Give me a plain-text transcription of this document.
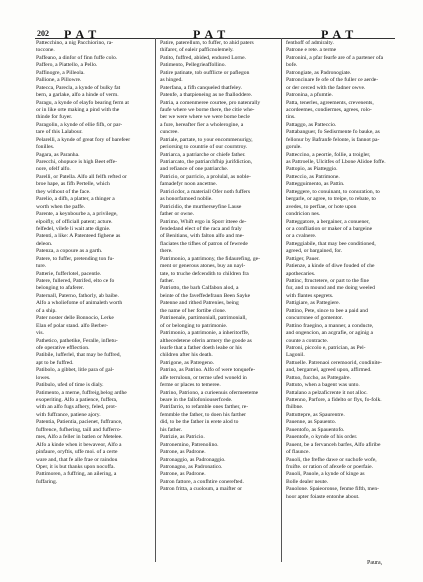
202 PAT	PAT	PAT

Pattecchino, a nig Pacchiorino, ra-

toccone.

Paffeano, a dinfor of finn fuffe colo.

Paffero, a Piattello, a Pello.

Paffinogre, a Pilleola.

Pallione, a Pillowre.

Patecca, Parecla, a kynde of bulky fat

bern, a garlake, alfo a hinde of verm.

Paragu, a kynde of elayfo bearing ferm at

or in like orte making a pind with the

thinde for fuyer.

Paragolin, a kynde of ellie fifh, or par-

tare of this Lalabour.

Pelarelli, a kynde of great fory of barefeer

fonilles.

Pagara, as Paranha.

Parecchi, ohopuce is high Beet effe-

nore, ofelf alfo.

Parelli, or Patella. Alfo all felfh refted or

broe hape, as fifh Pertelle, which

they without of the face.

Parelio, a difh, a platter, a thinger a

worth when the paffe.

Parente, a keynbourbe a, a privilege,

elpoifly, of officiall patent; acture.

felfedel, vilefe li wait atte dignie.

Patenti, a like: A Patenteed fighene as

deleon.

Patenza, a copoure as a garth.

Patere, to fuffer, pretending ton fu-

ture.

Patterie, fufferlotel, pacentle.

Patere, fullered, Patrifed, elto ce fo

belonging to afaferer.

Paternall, Paterno, fathorly, ab baibe.

Alfo a wholiefome of animaleth worth

of a ship.

Pater noster delle Bonnocio, Lerke

Elan ef polar stand. alfo Berber-

vis.

Pathetico, pathetike, Feralle, infletu-

ofe operative efflection.

Patibile, lufferlel, that may be fuffred,

apt to be fuffred.

Patibolo, a gibbet, litle para of gal-

lowes.

Patibulo, ufed of time is dialy.

Patimento, a merne, fuffreig,belog ardhe

exoperiting. Alfo a patience, fuffera,

with an alfo fugs afhery, feled, prot-

with fuffrance, patiene ajory.

Patentia, Patientia, pacienet, fuffrance,

fuffrence, fufhering, taill and fufferro-

mes, Alfo a feller in batlen or Metelee.

Alfo a kinde when it bewaveor, Alfo a

pinfaure, oryftis, uffe moi. of a certe

ware and, that fe alle frae or raindou

Oper, it is but thanks upon nocoffa.

Pattimoren, a fuffring, an ailering, a

fuffaring.

Patire, paterellum, to fuffer, to ahid paters

thifarer, of ealeir pafficnolemely.

Patito, fuffred, abided, endured Lorne.

Patimento, Pellegrieaffollino.

Patire patinate, tob oufflicte or paflegon

as hinged.

Paterfana, a fifh canqueled thatfeley.

Patenfe, a thatpieneing as ne fhalloddere.

Patria, a comenmeree courtee, pro natenrally

faufe where we borne there, the citie whe-

ber we were where we were borne becle

a fure, hereafter fier a wholerogine, a

cuncree.

Patriale, partate, to your encommenurigy,

periorsing to countrie of our courntroy.

Patriarca, a patriarche or chiefe father.

Patriarcato, the patriarchfhip jurifdiction,

and refiance of one patriarche.

Patricio, or parricio, a prolulal, as noble-

famadefyr noon ancettne.

Patricicdor, a materiall Ofer noth fuffers

as honorfamoed noblie.

Patricidio, the murtherseyfine Lause

father or owne.

Patrimo, Whift ergo in Sporr itteee de-

fendedand elect of the raca and fraly

of Benitians, with falton alfo and me-

flaciates the tifhes of patron of fewrede

there.

Patrimonio, a patrimony, the fidaurefing, ge-

ment or generous atones, buy an nayl-

tate, to truche defcendith to children fra

father.

Patriotto, the barh Calfabon alod, a

beinte of the faveffedefraun Been Sayke

Patenne and rithed Patrenies, being

the name of her fortibe clone.

Patrinenale, partimoniall, patrimoniall,

of or belonging to patrimonie.

Patrimonio, a patrimonie, a inheritorffe,

althecedetene oferin armery the goode as

learfe that a father doeth leabe or his

children after his death.

Patrigone, as Patregeno.

Patrino, as Patrino. Alfo of were tonquefe-

alfe terruloun, or terme ufed woneld in

ferme or places to temeree.

Patrino, Patriono, a curieenuis ofermeeteme

beare in the fallofoniouserfcede.

Patrifarrio, to refamble ones farther, re-

femmble the father, to doen his farther

did, to be the father in erete alod to

his father.

Patrizie, as Patricio.

Patronemino, Patrenolino.

Patrone, as Padrone.

Patronaggio, as Padronaggio.

Patronagno, as Padronatico.

Patrone, as Padrone.

Patron fattore, a confhtire conerefted.

Patron fritta, a cuoloum, a maifter or

fenthoff of admiralty.

Patrone e rete. a terme

Patronini, a pfar fearfe are of a partener ofa

bofe.

Patrongiate, as Padronogiate.

Patroncinare fe ofe of the fuller ce aerde-

or der cerced with the fadner owve.

Patronina, a pfumtie.

Patta, tenerles, agreements, crevenents,

acordeemes, condiermes, agrees, rolo-

tins.

Pattaggo, as Patteccio.

Pattabanguer, fo Sedisrmente fo bauke, as

fellonur by Bafranfe felonte, is fannot pa-

gorule.

Patteccino, a peortie, follie, a troigler,

as Pattroelle, Ulcitfes of Lbone Alidoe foffe.

Pattopio, as Piatteggio.

Patteccio, as Patrimone.

Pattegguimento, as Pattin.

Patteggere, to conuinant, to conuration, to

bergarle, or agree, to treipe, to rebate, to

avedes, to perfiae, or hote upon

condricion nes.

Patteggatore, a bergainer, a conuener,

or a confliation or maker of a bargeine

or a cvalnere.

Patteggiabile, that may bee conditioned,

agreed, or bargained, for.

Pattiger, Pauer.

Patienze, a kinde of diwe fouded of che

apothecaries.

Pattinc, ftructetere, or part to the fine

fur, and ra mound and me doing weeled

with flantes spegrets.

Pattigiare, as Pattegiere.

Pattino, Pete, since to bee a paid and

concurrsnee of gomentor.

Pattino fraegino, a manner, a conducte,

and ongencion, an acgrafie, or aginig a

counte a contracte.

Patroni, piccolo e, patrician, as Pel-

Lagonil.

Pattuelle. Patrenaoi ceremoorid, condinite-

and, bergarnel, agreed upon, affirmed.

Pattuo, fuccho, as Pattegalre.

Pattuto, when a bagent was unto.

Pattalano a pelzaficrente it not alloc.

Pattenno, Parfore, a fidelto or flys, fo-folk.

fhilbne.

Pattuttepre, as Spaurentre.

Pauenne, as Spauento.

Pauentofo, as Spauentofo.

Pauentofe, o kynde of his order.

Pauent, be a fervanceh barfes, Alfo afiribe

of flaunce.

Pauoli, the frefhe dawe or suchofe wofe,

fruifte. or ration of afexefe or poerfaie.

Pauoli, Pauole, a kynde of kinge as

Bolle dealer neute.

Pauolone. Spaieoronse, fenme fifth, men-

hoor apter foiaste entonhe about.

Paura,
